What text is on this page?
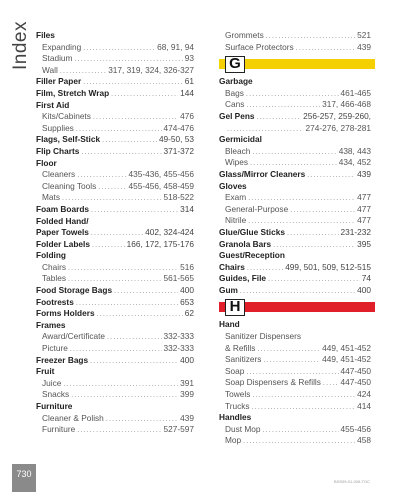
Index Files
Expanding .....	68, 91, 94
Stadium .....	93
Wall .....	317, 319, 324, 326-327
Filler Paper .....	61
Film, Stretch Wrap .....	144
First Aid
Kits/Cabinets .....	476
Supplies .....	474-476
Flags, Self-Stick .....	49-50, 53
Flip Charts .....	371-372
Floor
Cleaners .....	435-436, 455-456
Cleaning Tools .....	455-456, 458-459
Mats .....	518-522
Foam Boards .....	314
Folded Hand/
Paper Towels .....	402, 324-424
Folder Labels .....	166, 172, 175-176
Folding
Chairs .....	516
Tables .....	561-565
Food Storage Bags .....	400
Footrests .....	653
Forms Holders .....	62
Frames
Award/Certificate .....	332-333
Picture .....	332-333
Freezer Bags .....	400
Fruit
Juice .....	391
Snacks .....	399
Furniture
Cleaner & Polish .....	439
Furniture .....	527-597
Grommets .....	521
Surface Protectors .....	439
G
Garbage
Bags .....	461-465
Cans .....	317, 466-468
Gel Pens .....	256-257, 259-260,
.....
274-276, 278-281
Germicidal
Bleach .....	438, 443
Wipes .....	434, 452
Glass/Mirror Cleaners .....	439
Gloves
Exam .....	477
General-Purpose .....	477
Nitrile .....	477
Glue/Glue Sticks .....	231-232
Granola Bars .....	395
Guest/Reception
Chairs .....	499, 501, 509, 512-515
Guides, File .....	74
Gum .....	400
H
Hand
Sanitizer Dispensers
& Refills .....	449, 451-452
Sanitizers .....	449, 451-452
Soap .....	447-450
Soap Dispensers & Refills ..... 447-450
Towels .....	424
Trucks .....	414
Handles
Dust Mop .....	455-456
Mop .....	458
730
BSS09-01-026-TOC
